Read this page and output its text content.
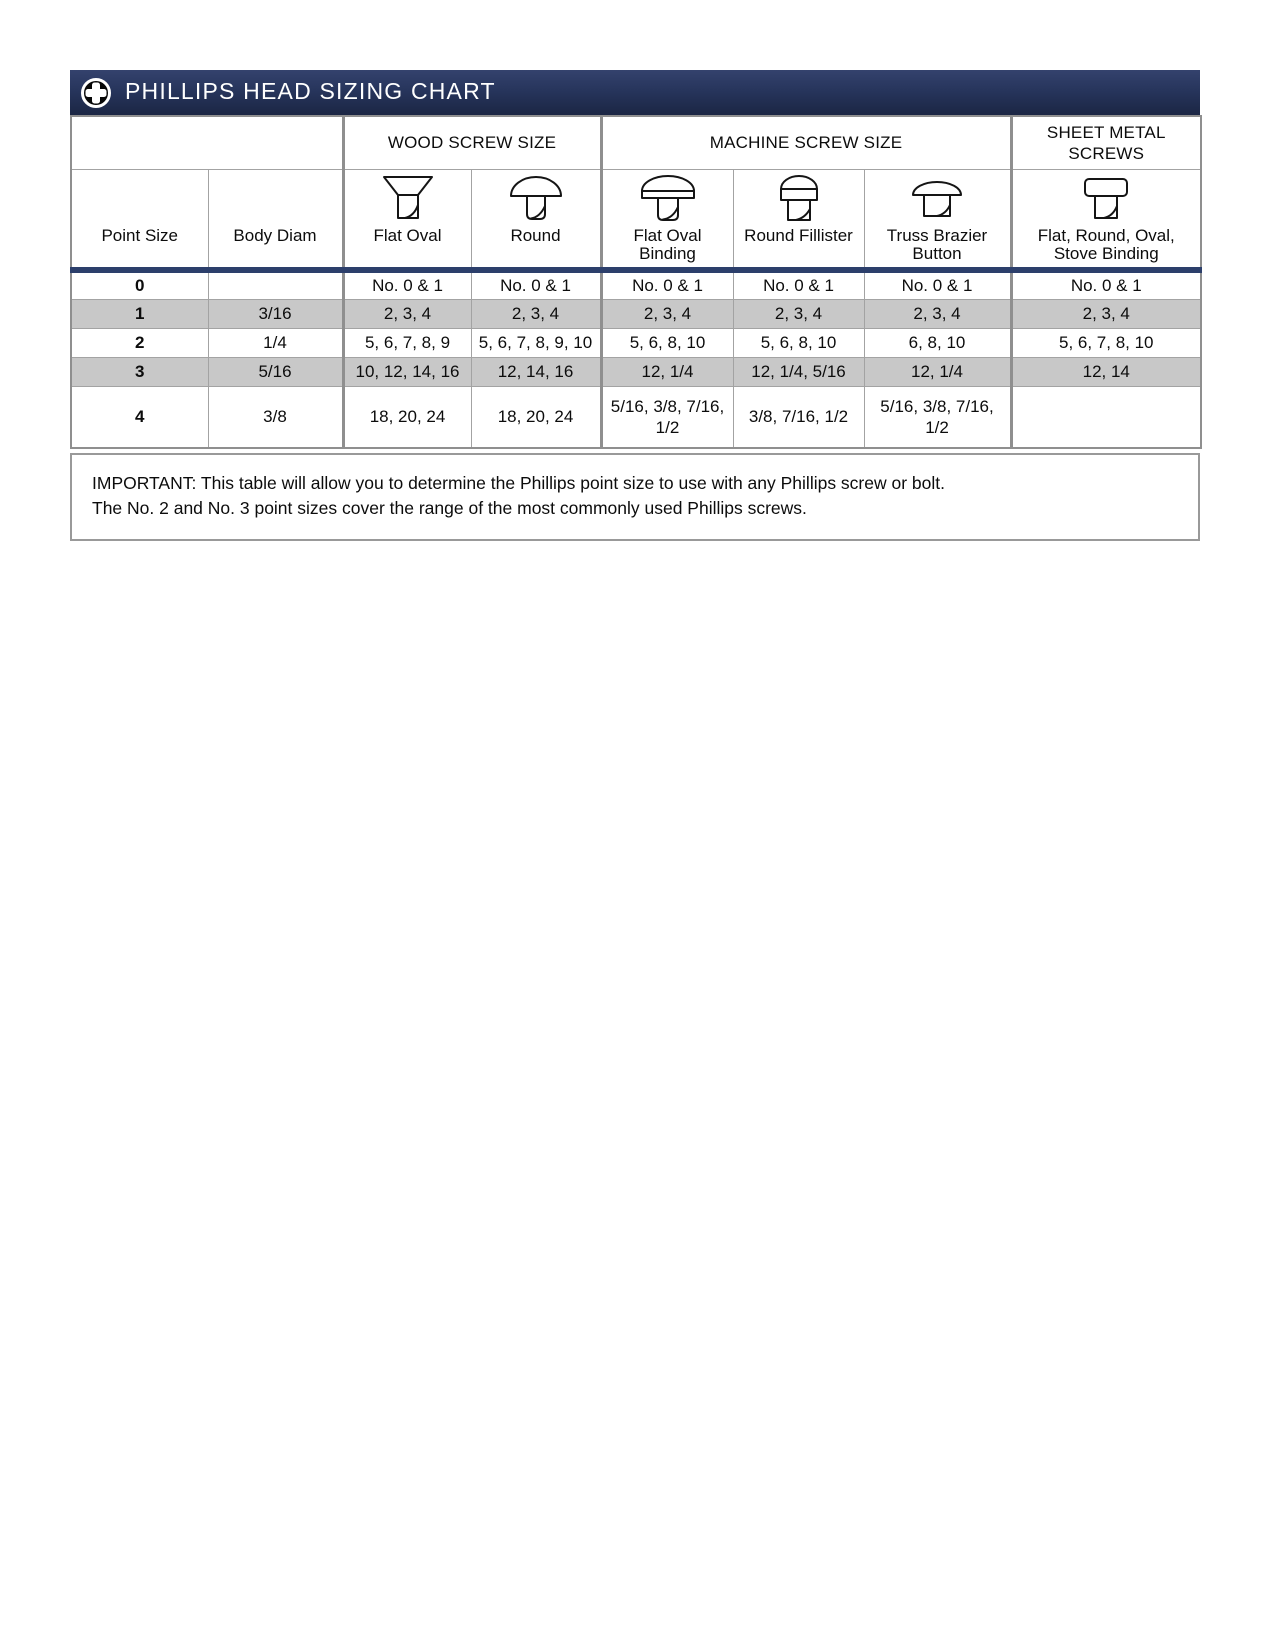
PHILLIPS HEAD SIZING CHART
		WOOD SCREW SIZE		MACHINE SCREW SIZE			SHEET METAL SCREWS

Point Size	Body Diam	Flat Oval	Round	Flat Oval Binding	Round Fillister	Truss Brazier Button	Flat, Round, Oval, Stove Binding

0		No. 0 & 1	No. 0 & 1	No. 0 & 1	No. 0 & 1	No. 0 & 1	No. 0 & 1
1	3/16	2, 3, 4	2, 3, 4	2, 3, 4	2, 3, 4	2, 3, 4	2, 3, 4
2	1/4	5, 6, 7, 8, 9	5, 6, 7, 8, 9, 10	5, 6, 8, 10	5, 6, 8, 10	6, 8, 10	5, 6, 7, 8, 10
3	5/16	10, 12, 14, 16	12, 14, 16	12, 1/4	12, 1/4, 5/16	12, 1/4	12, 14
4	3/8	18, 20, 24	18, 20, 24	5/16, 3/8, 7/16, 1/2	3/8, 7/16, 1/2	5/16, 3/8, 7/16, 1/2	
IMPORTANT: This table will allow you to determine the Phillips point size to use with any Phillips screw or bolt.
The No. 2 and No. 3 point sizes cover the range of the most commonly used Phillips screws.
